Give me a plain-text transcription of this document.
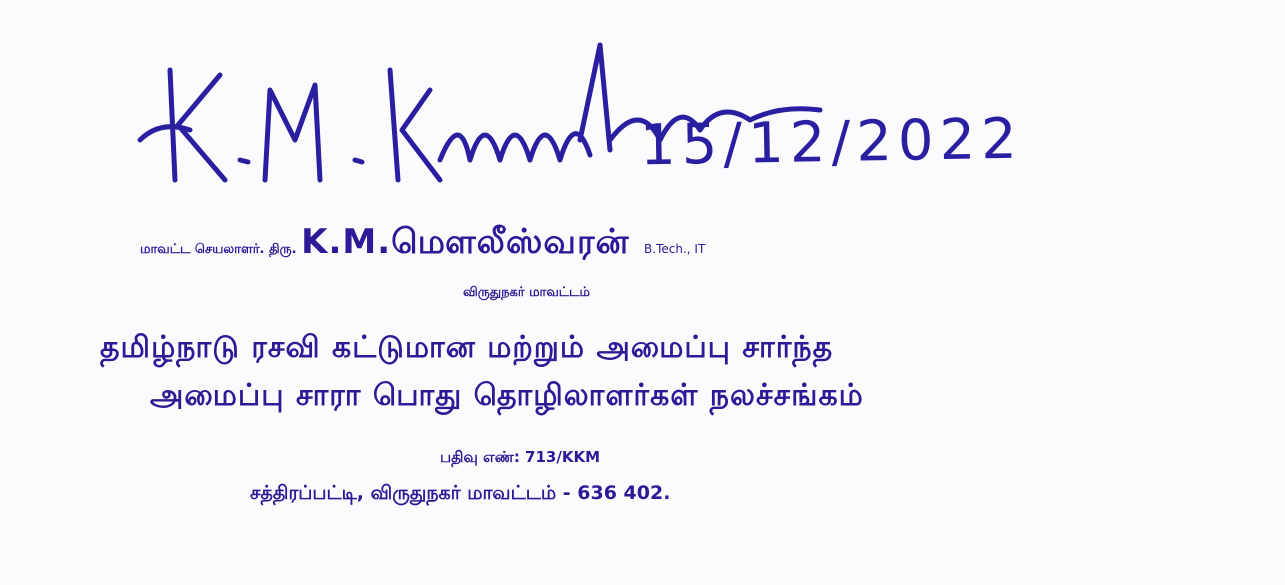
15/12/2022
மாவட்ட செயலாளர். திரு. K.M.மௌலீஸ்வரன் B.Tech., IT
விருதுநகர் மாவட்டம்
தமிழ்நாடு ரசவி கட்டுமான மற்றும் அமைப்பு சார்ந்த
அமைப்பு சாரா பொது தொழிலாளர்கள் நலச்சங்கம்
பதிவு எண்: 713/KKM
சத்திரப்பட்டி, விருதுநகர் மாவட்டம் - 636 402.
